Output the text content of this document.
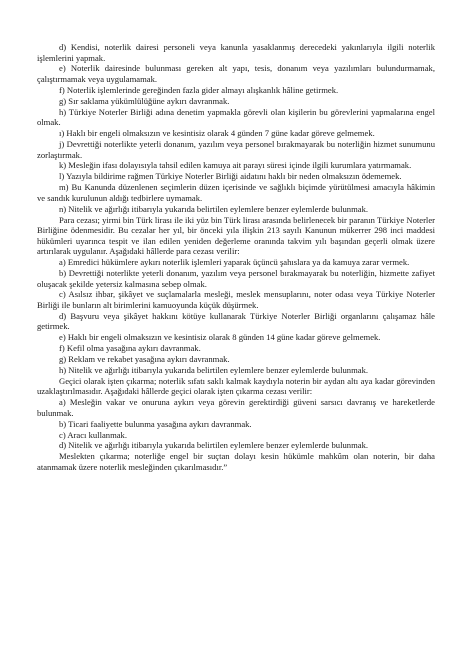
d) Kendisi, noterlik dairesi personeli veya kanunla yasaklanmış derecedeki yakınlarıyla ilgili noterlik işlemlerini yapmak.

e) Noterlik dairesinde bulunması gereken alt yapı, tesis, donanım veya yazılımları bulundurmamak, çalıştırmamak veya uygulamamak.

f) Noterlik işlemlerinde gereğinden fazla gider almayı alışkanlık hâline getirmek.

g) Sır saklama yükümlülüğüne aykırı davranmak.

h) Türkiye Noterler Birliği adına denetim yapmakla görevli olan kişilerin bu görevlerini yapmalarına engel olmak.

ı) Haklı bir engeli olmaksızın ve kesintisiz olarak 4 günden 7 güne kadar göreve gelmemek.

j) Devrettiği noterlikte yeterli donanım, yazılım veya personel bırakmayarak bu noterliğin hizmet sunumunu zorlaştırmak.

k) Mesleğin ifası dolayısıyla tahsil edilen kamuya ait parayı süresi içinde ilgili kurumlara yatırmamak.

l) Yazıyla bildirime rağmen Türkiye Noterler Birliği aidatını haklı bir neden olmaksızın ödememek.

m) Bu Kanunda düzenlenen seçimlerin düzen içerisinde ve sağlıklı biçimde yürütülmesi amacıyla hâkimin ve sandık kurulunun aldığı tedbirlere uymamak.

n) Nitelik ve ağırlığı itibarıyla yukarıda belirtilen eylemlere benzer eylemlerde bulunmak.

Para cezası; yirmi bin Türk lirası ile iki yüz bin Türk lirası arasında belirlenecek bir paranın Türkiye Noterler Birliğine ödenmesidir. Bu cezalar her yıl, bir önceki yıla ilişkin 213 sayılı Kanunun mükerrer 298 inci maddesi hükümleri uyarınca tespit ve ilan edilen yeniden değerleme oranında takvim yılı başından geçerli olmak üzere artırılarak uygulanır. Aşağıdaki hâllerde para cezası verilir:

a) Emredici hükümlere aykırı noterlik işlemleri yaparak üçüncü şahıslara ya da kamuya zarar vermek.

b) Devrettiği noterlikte yeterli donanım, yazılım veya personel bırakmayarak bu noterliğin, hizmette zafiyet oluşacak şekilde yetersiz kalmasına sebep olmak.

c) Asılsız ihbar, şikâyet ve suçlamalarla mesleği, meslek mensuplarını, noter odası veya Türkiye Noterler Birliği ile bunların alt birimlerini kamuoyunda küçük düşürmek.

d) Başvuru veya şikâyet hakkını kötüye kullanarak Türkiye Noterler Birliği organlarını çalışamaz hâle getirmek.

e) Haklı bir engeli olmaksızın ve kesintisiz olarak 8 günden 14 güne kadar göreve gelmemek.

f) Kefil olma yasağına aykırı davranmak.

g) Reklam ve rekabet yasağına aykırı davranmak.

h) Nitelik ve ağırlığı itibarıyla yukarıda belirtilen eylemlere benzer eylemlerde bulunmak.

Geçici olarak işten çıkarma; noterlik sıfatı saklı kalmak kaydıyla noterin bir aydan altı aya kadar görevinden uzaklaştırılmasıdır. Aşağıdaki hâllerde geçici olarak işten çıkarma cezası verilir:

a) Mesleğin vakar ve onuruna aykırı veya görevin gerektirdiği güveni sarsıcı davranış ve hareketlerde bulunmak.

b) Ticari faaliyette bulunma yasağına aykırı davranmak.

c) Aracı kullanmak.

d) Nitelik ve ağırlığı itibarıyla yukarıda belirtilen eylemlere benzer eylemlerde bulunmak.

Meslekten çıkarma; noterliğe engel bir suçtan dolayı kesin hükümle mahkûm olan noterin, bir daha atanmamak üzere noterlik mesleğinden çıkarılmasıdır.”
